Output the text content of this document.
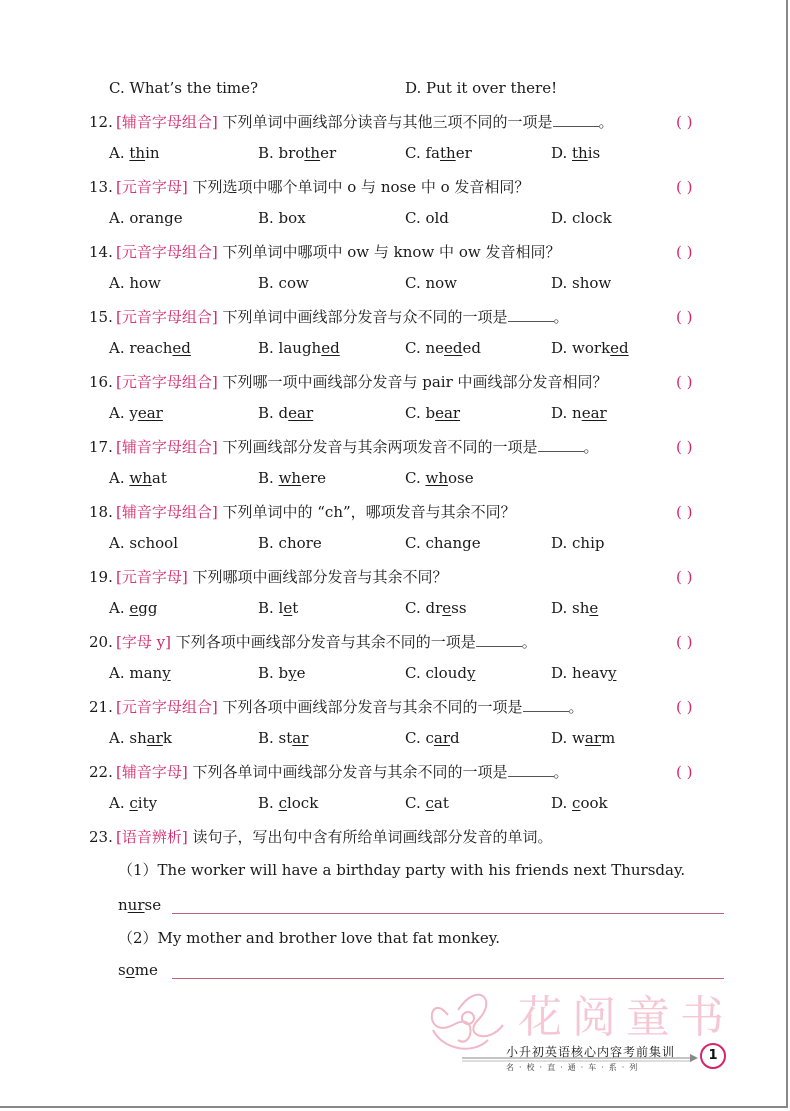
C. What’s the time?	D. Put it over there!
12. [辅音字母组合] 下列单词中画线部分读音与其他三项不同的一项是	。	( )
A. thin	B. brother	C. father	D. this
13. [元音字母] 下列选项中哪个单词中 o 与 nose 中 o 发音相同？	( )
A. orange	B. box	C. old	D. clock
14. [元音字母组合] 下列单词中哪项中 ow 与 know 中 ow 发音相同？	( )
A. how	B. cow	C. now	D. show
15. [元音字母组合] 下列单词中画线部分发音与众不同的一项是	。	( )
A. reached	B. laughed	C. needed	D. worked
16. [元音字母组合] 下列哪一项中画线部分发音与 pair 中画线部分发音相同？	( )
A. year	B. dear	C. bear	D. near
17. [辅音字母组合] 下列画线部分发音与其余两项发音不同的一项是	。	( )
A. what	B. where	C. whose
18. [辅音字母组合] 下列单词中的 “ch”，哪项发音与其余不同？	( )
A. school	B. chore	C. change	D. chip
19. [元音字母] 下列哪项中画线部分发音与其余不同？	( )
A. egg	B. let	C. dress	D. she
20. [字母 y] 下列各项中画线部分发音与其余不同的一项是	。	( )
A. many	B. bye	C. cloudy	D. heavy
21. [元音字母组合] 下列各项中画线部分发音与其余不同的一项是	。	( )
A. shark	B. star	C. card	D. warm
22. [辅音字母] 下列各单词中画线部分发音与其余不同的一项是	。	( )
A. city	B. clock	C. cat	D. cook
23. [语音辨析] 读句子，写出句中含有所给单词画线部分发音的单词。
（1）The worker will have a birthday party with his friends next Thursday.
nurse
（2）My mother and brother love that fat monkey.
some
花阅童书
小升初英语核心内容考前集训
名·校·直·通·车·系·列
1
